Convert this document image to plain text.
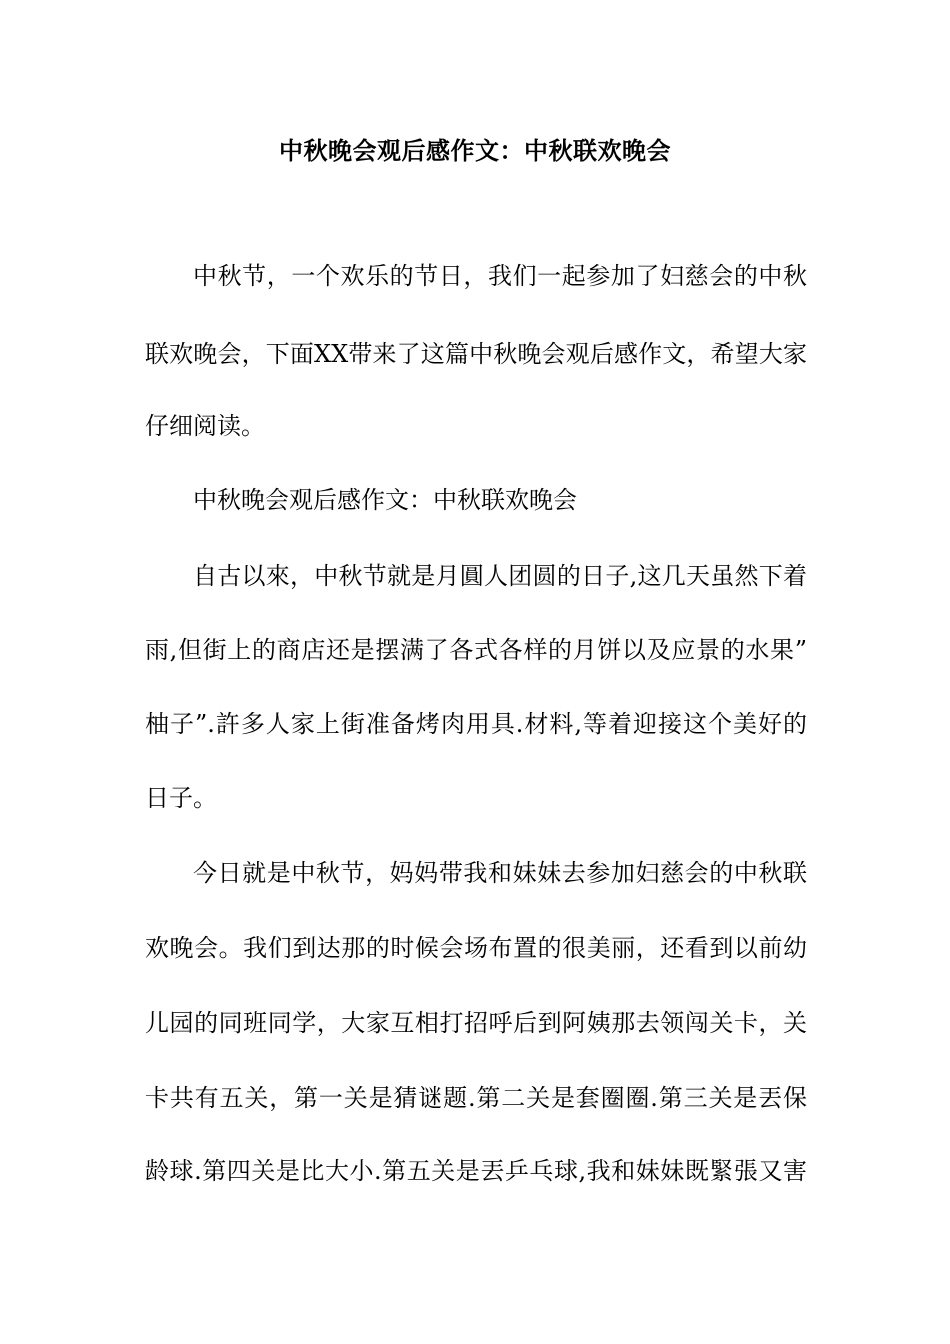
中秋晚会观后感作文：中秋联欢晚会

中秋节，一个欢乐的节日，我们一起参加了妇慈会的中秋

联欢晚会，下面XX带来了这篇中秋晚会观后感作文，希望大家

仔细阅读。

中秋晚会观后感作文：中秋联欢晚会

自古以來，中秋节就是月圓人团圆的日子,这几天虽然下着

雨,但街上的商店还是摆满了各式各样的月饼以及应景的水果”

柚子”.許多人家上街准备烤肉用具.材料,等着迎接这个美好的

日子。

今日就是中秋节，妈妈带我和妹妹去参加妇慈会的中秋联

欢晚会。我们到达那的时候会场布置的很美丽，还看到以前幼

儿园的同班同学，大家互相打招呼后到阿姨那去领闯关卡，关

卡共有五关，第一关是猜谜题.第二关是套圈圈.第三关是丟保

龄球.第四关是比大小.第五关是丟乒乓球,我和妹妹既緊張又害
